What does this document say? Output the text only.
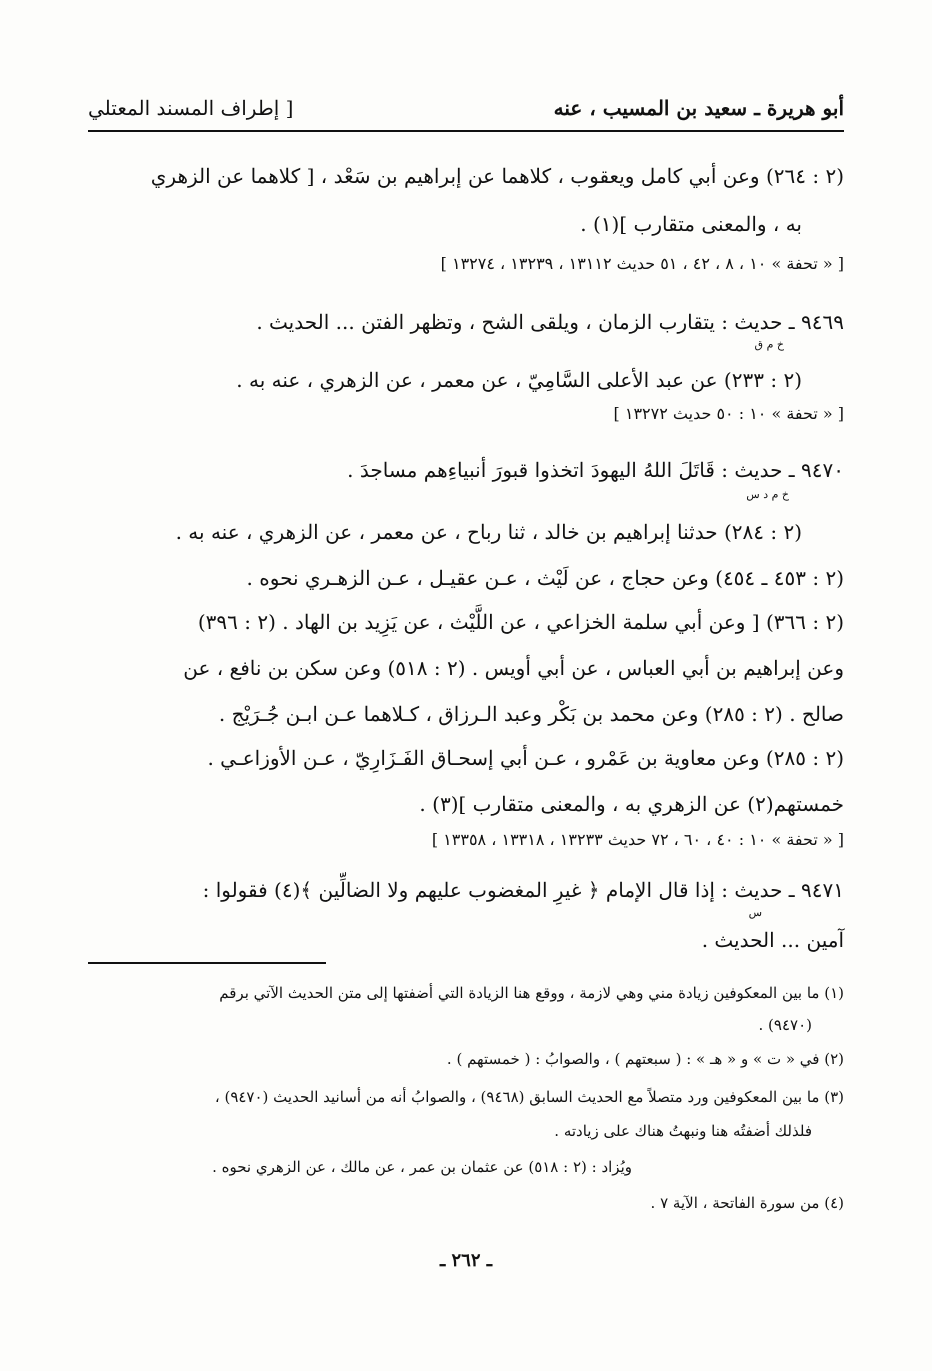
أبو هريرة ـ سعيد بن المسيب ، عنه
[ إطراف المسند المعتلي
(٢ : ٢٦٤) وعن أبي كامل ويعقوب ، كلاهما عن إبراهيم بن سَعْد ، [ كلاهما عن الزهري
به ، والمعنى متقارب ](١) .
[ « تحفة » ١٠ ، ٨ ، ٤٢ ، ٥١ حديث ١٣١١٢ ، ١٣٢٣٩ ، ١٣٢٧٤ ]
٩٤٦٩ ـ حديث : يتقارب الزمان ، ويلقى الشح ، وتظهر الفتن ... الحديث .
خ م ق
(٢ : ٢٣٣) عن عبد الأعلى السَّامِيّ ، عن معمر ، عن الزهري ، عنه به .
[ « تحفة » ١٠ : ٥٠ حديث ١٣٢٧٢ ]
٩٤٧٠ ـ حديث : قَاتَلَ اللهُ اليهودَ اتخذوا قبورَ أنبياءِهم مساجدَ .
خ م د س
(٢ : ٢٨٤) حدثنا إبراهيم بن خالد ، ثنا رباح ، عن معمر ، عن الزهري ، عنه به .
(٢ : ٤٥٣ ـ ٤٥٤) وعن حجاج ، عن لَيْث ، عـن عقيـل ، عـن الزهـري نحوه .
(٢ : ٣٦٦) [ وعن أبي سلمة الخزاعي ، عن اللَّيْث ، عن يَزِيد بن الهاد . (٢ : ٣٩٦)
وعن إبراهيم بن أبي العباس ، عن أبي أويس . (٢ : ٥١٨) وعن سكن بن نافع ، عن
صالح . (٢ : ٢٨٥) وعن محمد بن بَكْر وعبد الـرزاق ، كـلاهما عـن ابـن جُـرَيْج .
(٢ : ٢٨٥) وعن معاوية بن عَمْرو ، عـن أبي إسحـاق الفَـزَارِيّ ، عـن الأوزاعـي .
خمستهم(٢) عن الزهري به ، والمعنى متقارب ](٣) .
[ « تحفة » ١٠ : ٤٠ ، ٦٠ ، ٧٢ حديث ١٣٢٣٣ ، ١٣٣١٨ ، ١٣٣٥٨ ]
٩٤٧١ ـ حديث : إذا قال الإمام ﴿ غيرِ المغضوب عليهم ولا الضالِّين ﴾(٤) فقولوا :
س
آمين ... الحديث .
(١) ما بين المعكوفين زيادة مني وهي لازمة ، ووقع هنا الزيادة التي أضفتها إلى متن الحديث الآتي برقم
(٩٤٧٠) .
(٢) في « ت » و « هـ » : ( سبعتهم ) ، والصوابُ : ( خمستهم ) .
(٣) ما بين المعكوفين ورد متصلاً مع الحديث السابق (٩٤٦٨) ، والصوابُ أنه من أسانيد الحديث (٩٤٧٠) ،
فلذلك أضفتُه هنا ونبهتُ هناك على زيادته .
ويُزاد : (٢ : ٥١٨) عن عثمان بن عمر ، عن مالك ، عن الزهري نحوه .
(٤) من سورة الفاتحة ، الآية ٧ .
ـ ٢٦٢ ـ
